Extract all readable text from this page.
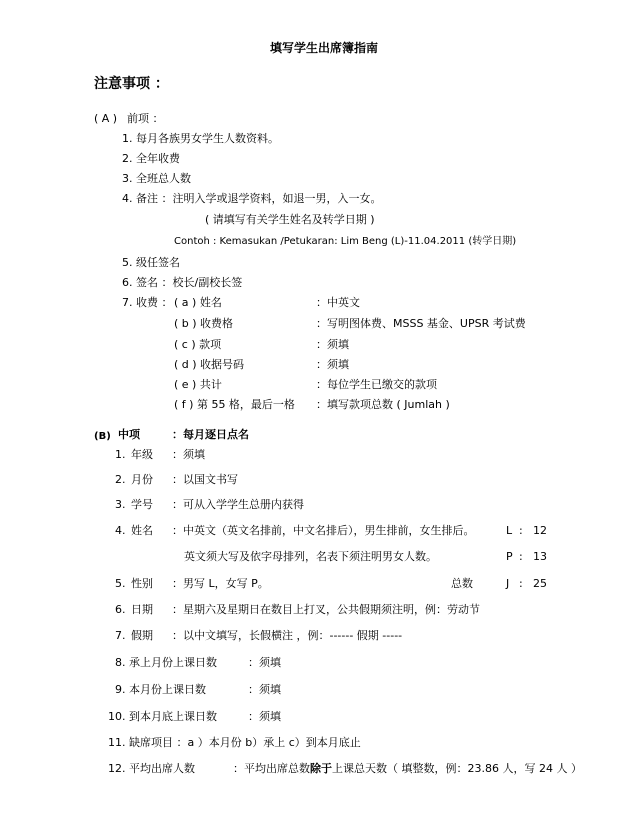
填写学生出席簿指南
注意事项 ：
( A ) 前项 ：
1. 每月各族男女学生人数资料。
2. 全年收费
3. 全班总人数
4. 备注 ：注明入学或退学资料，如退一男，入一女。
( 请填写有关学生姓名及转学日期 )
Contoh : Kemasukan /Petukaran: Lim Beng (L)-11.04.2011 (转学日期)
5. 级任签名
6. 签名 ：校长/副校长签
7. 收费 ： ( a ) 姓名	：中英文
( b ) 收费格	：写明图体费、MSSS 基金、UPSR 考试费
( c ) 款项	：须填
( d ) 收据号码	：须填
( e ) 共计	：每位学生已缴交的款项
( f ) 第 55 格，最后一格 ：填写款项总数 ( Jumlah )
(B) 中项	：每月逐日点名
1. 年级 ：须填
2. 月份 ：以国文书写
3. 学号 ：可从入学学生总册内获得
4. 姓名 ：中英文（英文名排前，中文名排后），男生排前，女生排后。	L : 12
英文须大写及依字母排列，名表下须注明男女人数。	P : 13
5. 性别 ：男写 L，女写 P。	总数	J : 25
6. 日期 ：星期六及星期日在数目上打叉，公共假期须注明，例：劳动节
7. 假期 ：以中文填写，长假横注 ，例：------ 假期 -----
8. 承上月份上课日数	：须填
9. 本月份上课日数	：须填
10. 到本月底上课日数	：须填
11. 缺席项目 ：a ）本月份 b）承上 c）到本月底止
12. 平均出席人数	：平均出席总数除于上课总天数（ 填整数，例：23.86 人，写 24 人 ）
